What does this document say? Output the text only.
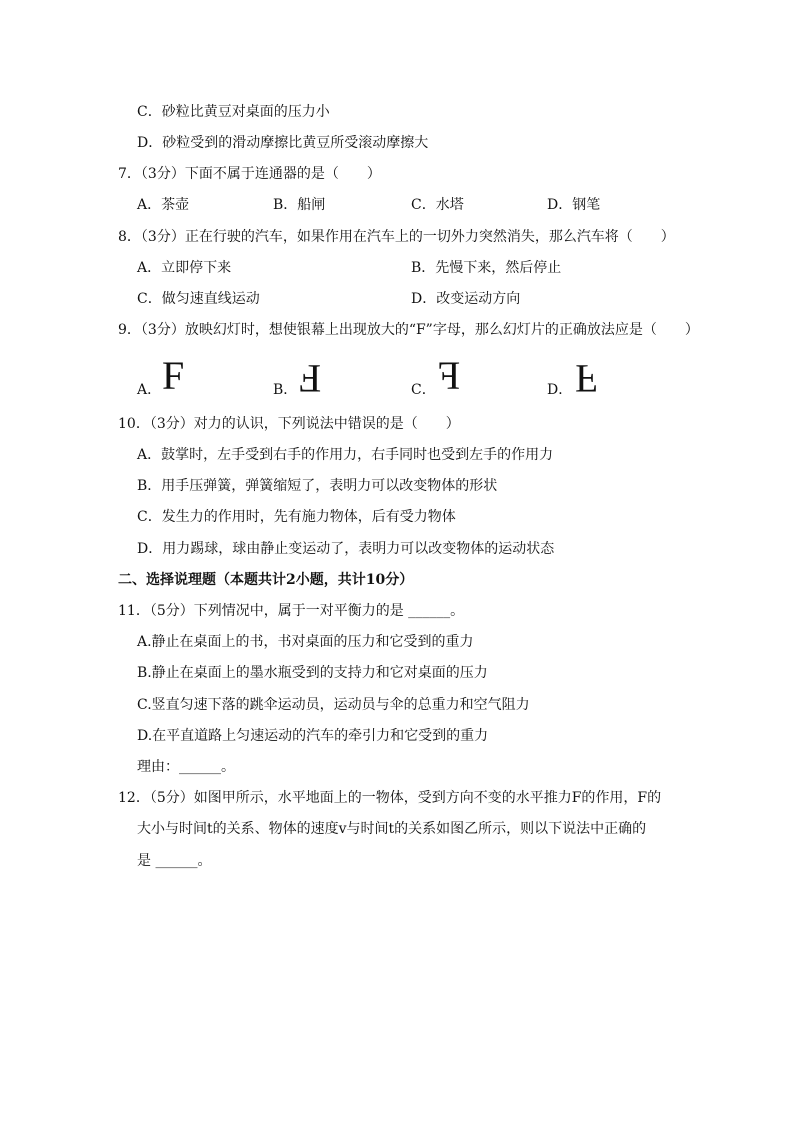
C．砂粒比黄豆对桌面的压力小
D．砂粒受到的滑动摩擦比黄豆所受滚动摩擦大
7．（3分）下面不属于连通器的是（　　）
A．茶壶	B．船闸	C．水塔	D．钢笔
8．（3分）正在行驶的汽车，如果作用在汽车上的一切外力突然消失，那么汽车将（　　）
A．立即停下来	B．先慢下来，然后停止
C．做匀速直线运动	D．改变运动方向
9．（3分）放映幻灯时，想使银幕上出现放大的“F”字母，那么幻灯片的正确放法应是（　　）
A．	B．	C．	D．
F	F	F	F
10．（3分）对力的认识，下列说法中错误的是（　　）
A．鼓掌时，左手受到右手的作用力，右手同时也受到左手的作用力
B．用手压弹簧，弹簧缩短了，表明力可以改变物体的形状
C．发生力的作用时，先有施力物体，后有受力物体
D．用力踢球，球由静止变运动了，表明力可以改变物体的运动状态
二、选择说理题（本题共计2小题，共计10分）
11．（5分）下列情况中，属于一对平衡力的是 ______。
A.静止在桌面上的书，书对桌面的压力和它受到的重力
B.静止在桌面上的墨水瓶受到的支持力和它对桌面的压力
C.竖直匀速下落的跳伞运动员，运动员与伞的总重力和空气阻力
D.在平直道路上匀速运动的汽车的牵引力和它受到的重力
理由：______。
12．（5分）如图甲所示，水平地面上的一物体，受到方向不变的水平推力F的作用，F的
大小与时间t的关系、物体的速度v与时间t的关系如图乙所示，则以下说法中正确的
是 ______。
